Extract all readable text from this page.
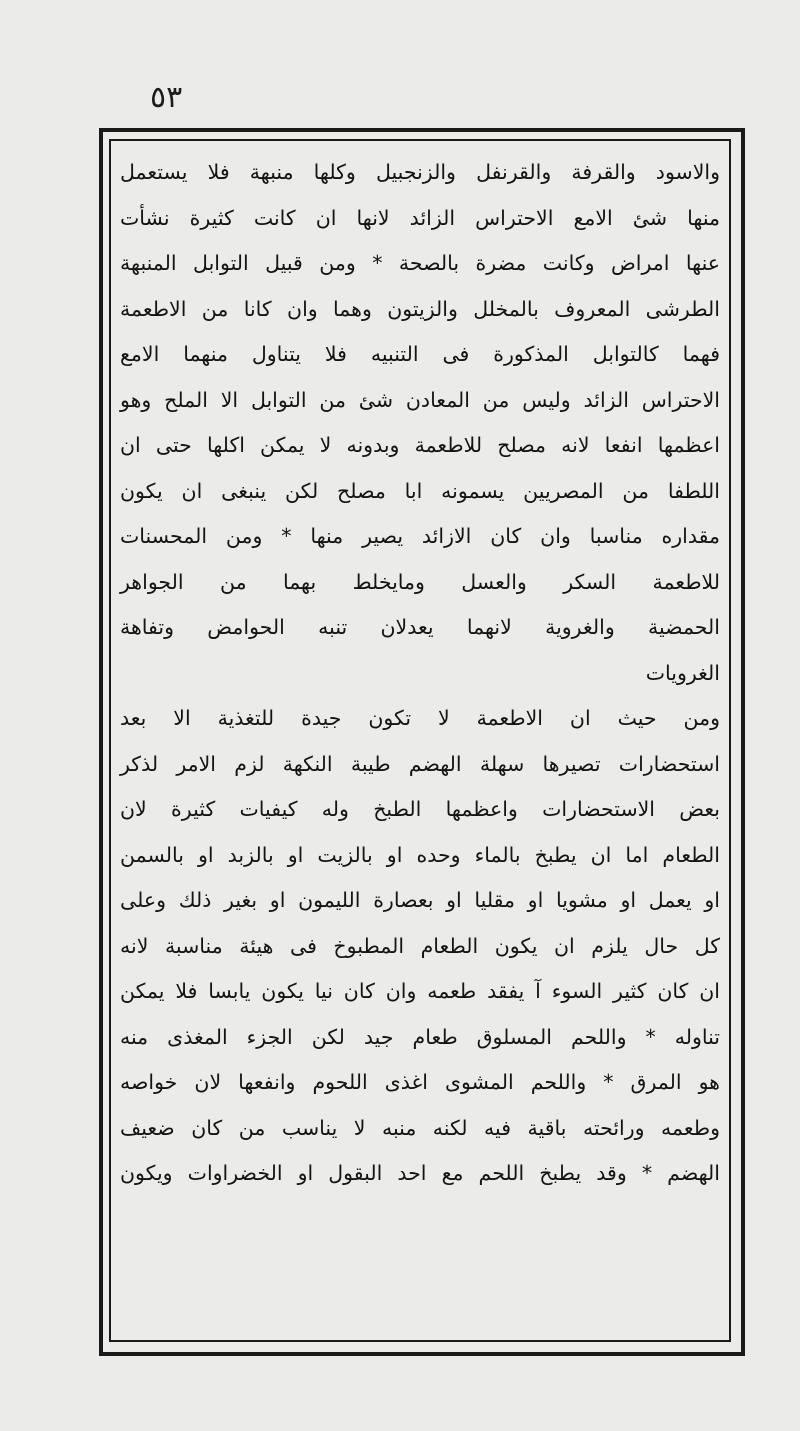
٥٣
والاسود والقرفة والقرنفل والزنجبيل وكلها منبهة فلا يستعمل
منها شئ الامع الاحتراس الزائد لانها ان كانت كثيرة نشأت
عنها امراض وكانت مضرة بالصحة * ومن قبيل التوابل المنبهة
الطرشى المعروف بالمخلل والزيتون وهما وان كانا من الاطعمة
فهما كالتوابل المذكورة فى التنبيه فلا يتناول منهما الامع
الاحتراس الزائد وليس من المعادن شئ من التوابل الا الملح وهو
اعظمها انفعا لانه مصلح للاطعمة وبدونه لا يمكن اكلها حتى ان
اللطفا من المصريين يسمونه ابا مصلح لكن ينبغى ان يكون
مقداره مناسبا وان كان الازائد يصير منها * ومن المحسنات
للاطعمة السكر والعسل ومايخلط بهما من الجواهر
الحمضية والغروية لانهما يعدلان تنبه الحوامض وتفاهة
الغرويات
ومن حيث ان الاطعمة لا تكون جيدة للتغذية الا بعد
استحضارات تصيرها سهلة الهضم طيبة النكهة لزم الامر لذكر
بعض الاستحضارات واعظمها الطبخ وله كيفيات كثيرة لان
الطعام اما ان يطبخ بالماء وحده او بالزيت او بالزبد او بالسمن
او يعمل او مشويا او مقليا او بعصارة الليمون او بغير ذلك وعلى
كل حال يلزم ان يكون الطعام المطبوخ فى هيئة مناسبة لانه
ان كان كثير السوء آ يفقد طعمه وان كان نيا يكون يابسا فلا يمكن
تناوله * واللحم المسلوق طعام جيد لكن الجزء المغذى منه
هو المرق * واللحم المشوى اغذى اللحوم وانفعها لان خواصه
وطعمه ورائحته باقية فيه لكنه منبه لا يناسب من كان ضعيف
الهضم * وقد يطبخ اللحم مع احد البقول او الخضراوات ويكون
